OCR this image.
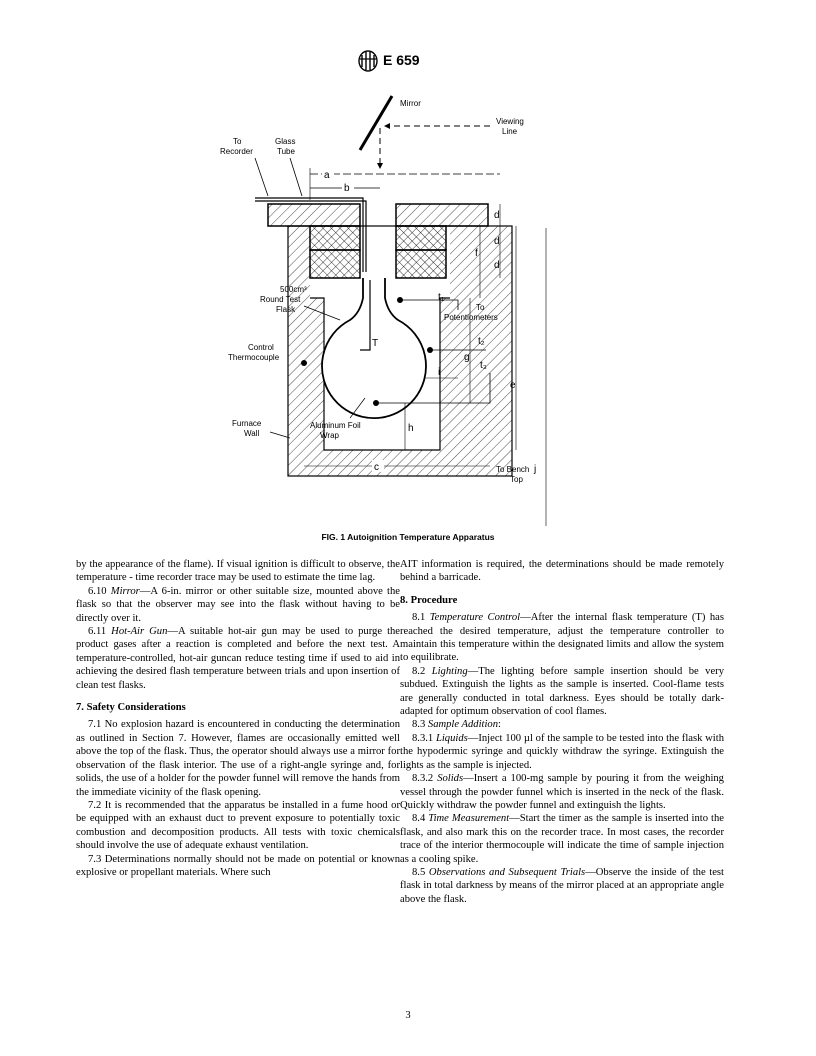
E 659
Mirror
Viewing
Line
To
Recorder
Glass
Tube
a
b
T
d
d
d
f
g
e
j
t₁
t₂
t₃
To
Potentiometers
i
h
c
500cm³
Round Test
Flask
Control
Thermocouple
Furnace
Wall
Aluminum Foil
Wrap
To Bench
Top
FIG. 1 Autoignition Temperature Apparatus

by the appearance of the flame). If visual ignition is difficult to observe, the temperature - time recorder trace may be used to estimate the time lag.

6.10 Mirror—A 6-in. mirror or other suitable size, mounted above the flask so that the observer may see into the flask without having to be directly over it.

6.11 Hot-Air Gun—A suitable hot-air gun may be used to purge the product gases after a reaction is completed and before the next test. A temperature-controlled, hot-air guncan reduce testing time if used to aid in achieving the desired flash temperature between trials and upon insertion of clean test flasks.

7. Safety Considerations

7.1 No explosion hazard is encountered in conducting the determination as outlined in Section 7. However, flames are occasionally emitted well above the top of the flask. Thus, the operator should always use a mirror for observation of the flask interior. The use of a right-angle syringe and, for solids, the use of a holder for the powder funnel will remove the hands from the immediate vicinity of the flask opening.

7.2 It is recommended that the apparatus be installed in a fume hood or be equipped with an exhaust duct to prevent exposure to potentially toxic combustion and decomposition products. All tests with toxic chemicals should involve the use of adequate exhaust ventilation.

7.3 Determinations normally should not be made on potential or known explosive or propellant materials. Where such

AIT information is required, the determinations should be made remotely behind a barricade.

8. Procedure

8.1 Temperature Control—After the internal flask temperature (T) has reached the desired temperature, adjust the temperature controller to maintain this temperature within the designated limits and allow the system to equilibrate.

8.2 Lighting—The lighting before sample insertion should be very subdued. Extinguish the lights as the sample is inserted. Cool-flame tests are generally conducted in total darkness. Eyes should be totally dark-adapted for optimum observation of cool flames.

8.3 Sample Addition:

8.3.1 Liquids—Inject 100 µl of the sample to be tested into the flask with the hypodermic syringe and quickly withdraw the syringe. Extinguish the lights as the sample is injected.

8.3.2 Solids—Insert a 100-mg sample by pouring it from the weighing vessel through the powder funnel which is inserted in the neck of the flask. Quickly withdraw the powder funnel and extinguish the lights.

8.4 Time Measurement—Start the timer as the sample is inserted into the flask, and also mark this on the recorder trace. In most cases, the recorder trace of the interior thermocouple will indicate the time of sample injection as a cooling spike.

8.5 Observations and Subsequent Trials—Observe the inside of the test flask in total darkness by means of the mirror placed at an appropriate angle above the flask.

3
